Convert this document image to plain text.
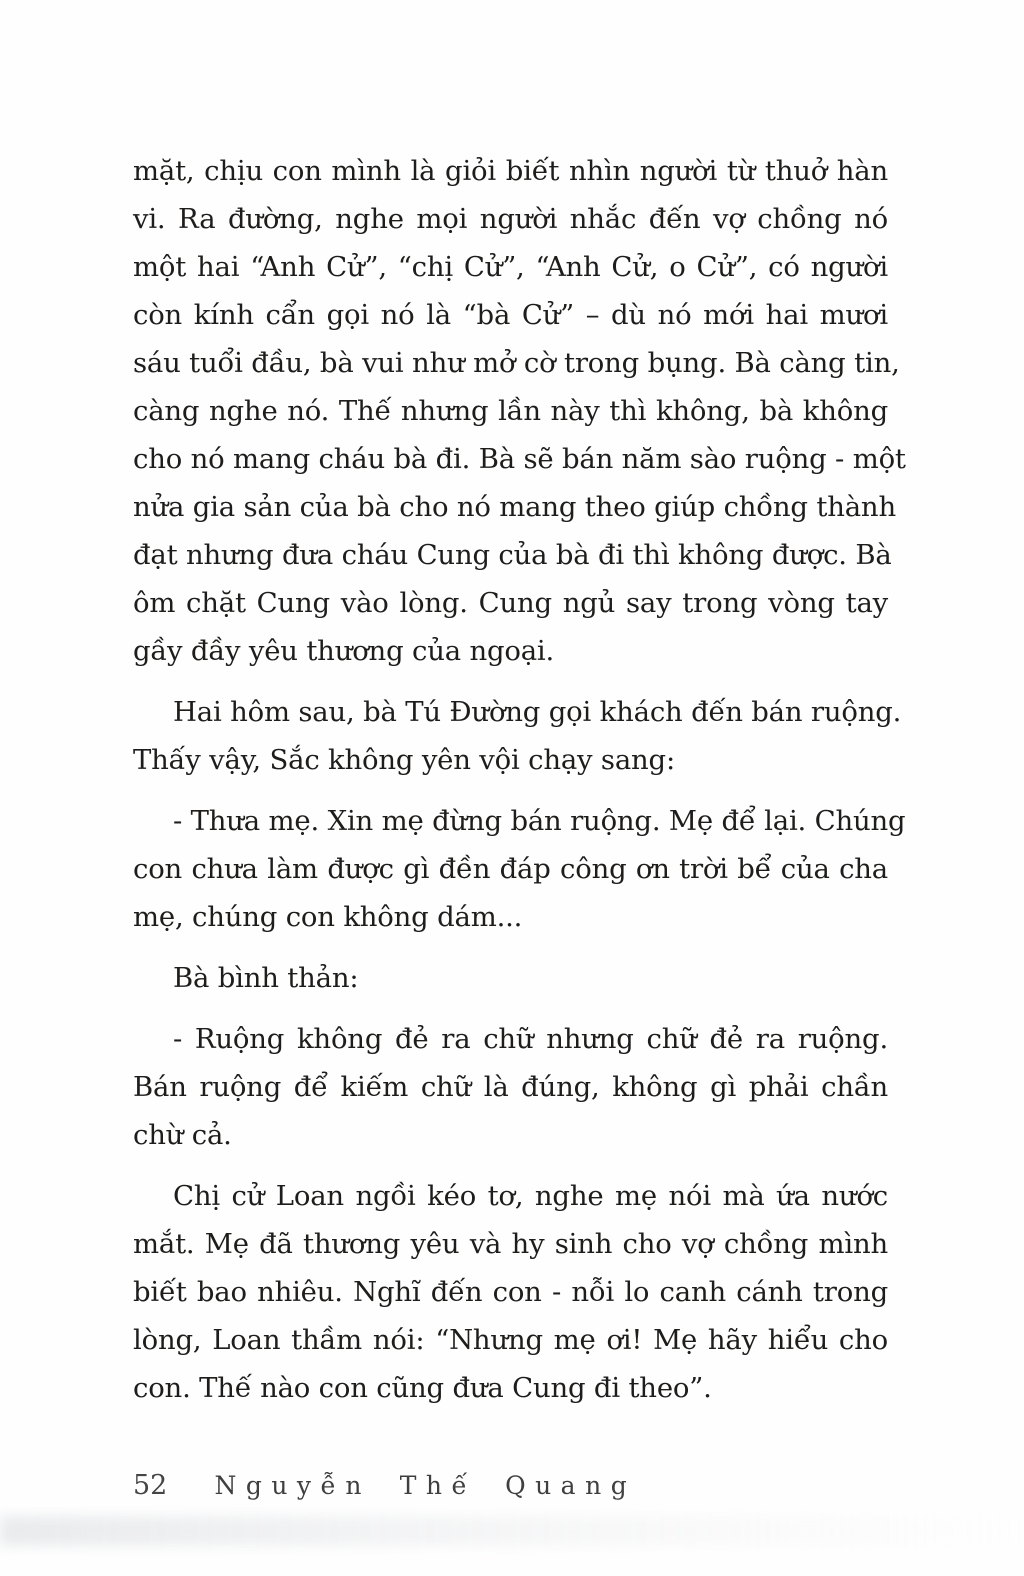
mặt, chịu con mình là giỏi biết nhìn người từ thuở hàn
vi. Ra đường, nghe mọi người nhắc đến vợ chồng nó
một hai “Anh Cử”, “chị Cử”, “Anh Cử, o Cử”, có người
còn kính cẩn gọi nó là “bà Cử” – dù nó mới hai mươi
sáu tuổi đầu, bà vui như mở cờ trong bụng. Bà càng tin,
càng nghe nó. Thế nhưng lần này thì không, bà không
cho nó mang cháu bà đi. Bà sẽ bán năm sào ruộng - một
nửa gia sản của bà cho nó mang theo giúp chồng thành
đạt nhưng đưa cháu Cung của bà đi thì không được. Bà
ôm chặt Cung vào lòng. Cung ngủ say trong vòng tay
gầy đầy yêu thương của ngoại.
Hai hôm sau, bà Tú Đường gọi khách đến bán ruộng.
Thấy vậy, Sắc không yên vội chạy sang:
- Thưa mẹ. Xin mẹ đừng bán ruộng. Mẹ để lại. Chúng
con chưa làm được gì đền đáp công ơn trời bể của cha
mẹ, chúng con không dám...
Bà bình thản:
- Ruộng không đẻ ra chữ nhưng chữ đẻ ra ruộng.
Bán ruộng để kiếm chữ là đúng, không gì phải chần
chừ cả.
Chị cử Loan ngồi kéo tơ, nghe mẹ nói mà ứa nước
mắt. Mẹ đã thương yêu và hy sinh cho vợ chồng mình
biết bao nhiêu. Nghĩ đến con - nỗi lo canh cánh trong
lòng, Loan thầm nói: “Nhưng mẹ ơi! Mẹ hãy hiểu cho
con. Thế nào con cũng đưa Cung đi theo”.
52 Nguyễn Thế Quang
